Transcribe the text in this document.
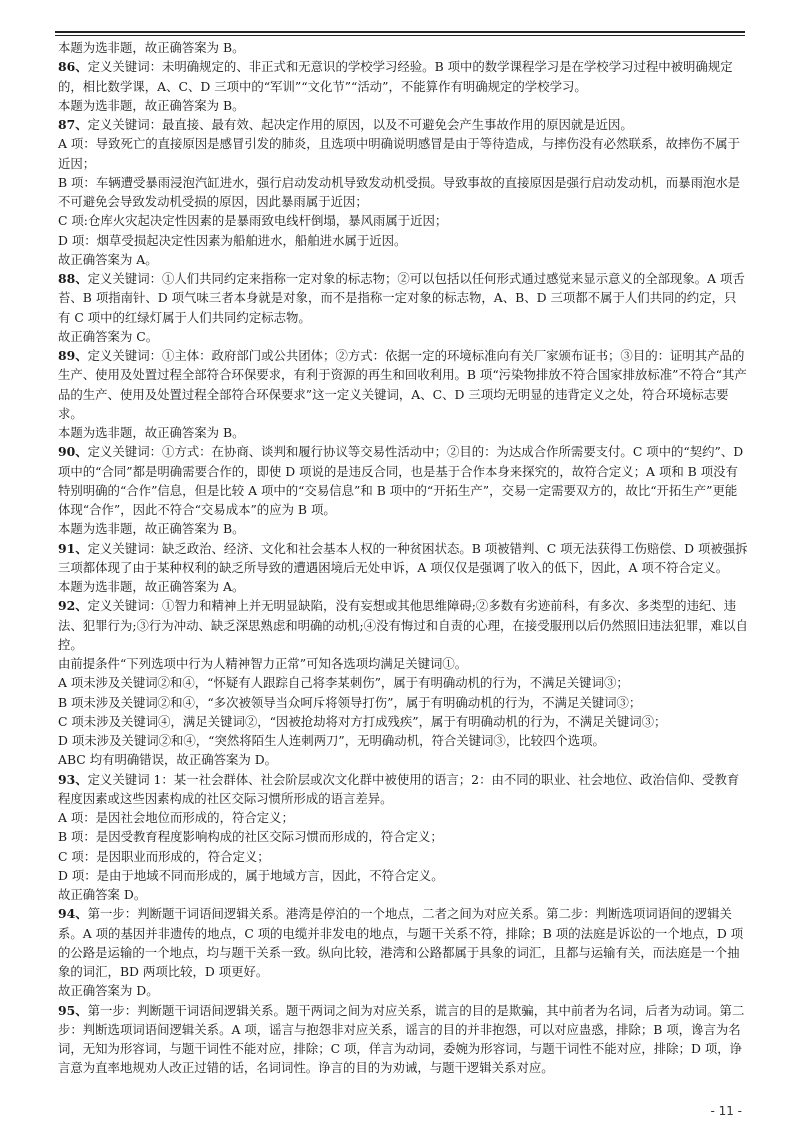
本题为选非题，故正确答案为 B。

86、定义关键词：未明确规定的、非正式和无意识的学校学习经验。B 项中的数学课程学习是在学校学习过程中被明确规定的，相比数学课，A、C、D 三项中的“军训”“文化节”“活动”，不能算作有明确规定的学校学习。

本题为选非题，故正确答案为 B。

87、定义关键词：最直接、最有效、起决定作用的原因，以及不可避免会产生事故作用的原因就是近因。

A 项：导致死亡的直接原因是感冒引发的肺炎，且选项中明确说明感冒是由于等待造成，与摔伤没有必然联系，故摔伤不属于近因；

B 项：车辆遭受暴雨浸泡汽缸进水，强行启动发动机导致发动机受损。导致事故的直接原因是强行启动发动机，而暴雨泡水是不可避免会导致发动机受损的原因，因此暴雨属于近因；

C 项:仓库火灾起决定性因素的是暴雨致电线杆倒塌，暴风雨属于近因；

D 项：烟草受损起决定性因素为船舶进水，船舶进水属于近因。

故正确答案为 A。

88、定义关键词：①人们共同约定来指称一定对象的标志物；②可以包括以任何形式通过感觉来显示意义的全部现象。A 项舌苔、B 项指南针、D 项气味三者本身就是对象，而不是指称一定对象的标志物，A、B、D 三项都不属于人们共同的约定，只有 C 项中的红绿灯属于人们共同约定标志物。

故正确答案为 C。

89、定义关键词：①主体：政府部门或公共团体；②方式：依据一定的环境标准向有关厂家颁布证书；③目的：证明其产品的生产、使用及处置过程全部符合环保要求，有利于资源的再生和回收利用。B 项“污染物排放不符合国家排放标准”不符合“其产品的生产、使用及处置过程全部符合环保要求”这一定义关键词，A、C、D 三项均无明显的违背定义之处，符合环境标志要求。

本题为选非题，故正确答案为 B。

90、定义关键词：①方式：在协商、谈判和履行协议等交易性活动中；②目的：为达成合作所需要支付。C 项中的“契约”、D 项中的“合同”都是明确需要合作的，即使 D 项说的是违反合同，也是基于合作本身来探究的，故符合定义；A 项和 B 项没有特别明确的“合作”信息，但是比较 A 项中的“交易信息”和 B 项中的“开拓生产”，交易一定需要双方的，故比“开拓生产”更能体现“合作”，因此不符合“交易成本”的应为 B 项。

本题为选非题，故正确答案为 B。

91、定义关键词：缺乏政治、经济、文化和社会基本人权的一种贫困状态。B 项被错判、C 项无法获得工伤赔偿、D 项被强拆三项都体现了由于某种权利的缺乏所导致的遭遇困境后无处申诉，A 项仅仅是强调了收入的低下，因此，A 项不符合定义。

本题为选非题，故正确答案为 A。

92、定义关键词：①智力和精神上并无明显缺陷，没有妄想或其他思维障碍;②多数有劣迹前科，有多次、多类型的违纪、违法、犯罪行为;③行为冲动、缺乏深思熟虑和明确的动机;④没有悔过和自责的心理，在接受服刑以后仍然照旧违法犯罪，难以自控。

由前提条件“下列选项中行为人精神智力正常”可知各选项均满足关键词①。

A 项未涉及关键词②和④，“怀疑有人跟踪自己将李某刺伤”，属于有明确动机的行为，不满足关键词③；

B 项未涉及关键词②和④，“多次被领导当众呵斥将领导打伤”，属于有明确动机的行为，不满足关键词③；

C 项未涉及关键词④，满足关键词②，“因被抢劫将对方打成残疾”，属于有明确动机的行为，不满足关键词③；

D 项未涉及关键词②和④，“突然将陌生人连刺两刀”，无明确动机，符合关键词③，比较四个选项。

ABC 均有明确错误，故正确答案为 D。

93、定义关键词 1：某一社会群体、社会阶层或次文化群中被使用的语言；2：由不同的职业、社会地位、政治信仰、受教育程度因素或这些因素构成的社区交际习惯所形成的语言差异。

A 项：是因社会地位而形成的，符合定义；

B 项：是因受教育程度影响构成的社区交际习惯而形成的，符合定义；

C 项：是因职业而形成的，符合定义；

D 项：是由于地域不同而形成的，属于地域方言，因此，不符合定义。

故正确答案 D。

94、第一步：判断题干词语间逻辑关系。港湾是停泊的一个地点，二者之间为对应关系。第二步：判断选项词语间的逻辑关系。A 项的基因并非遗传的地点，C 项的电缆并非发电的地点，与题干关系不符，排除；B 项的法庭是诉讼的一个地点，D 项的公路是运输的一个地点，均与题干关系一致。纵向比较，港湾和公路都属于具象的词汇，且都与运输有关，而法庭是一个抽象的词汇，BD 两项比较，D 项更好。

故正确答案为 D。

95、第一步：判断题干词语间逻辑关系。题干两词之间为对应关系，谎言的目的是欺骗，其中前者为名词，后者为动词。第二步：判断选项词语间逻辑关系。A 项，谣言与抱怨非对应关系，谣言的目的并非抱怨，可以对应蛊惑，排除；B 项，谗言为名词，无知为形容词，与题干词性不能对应，排除；C 项，佯言为动词，委婉为形容词，与题干词性不能对应，排除；D 项，诤言意为直率地规劝人改正过错的话，名词词性。诤言的目的为劝诫，与题干逻辑关系对应。

- 11 -
